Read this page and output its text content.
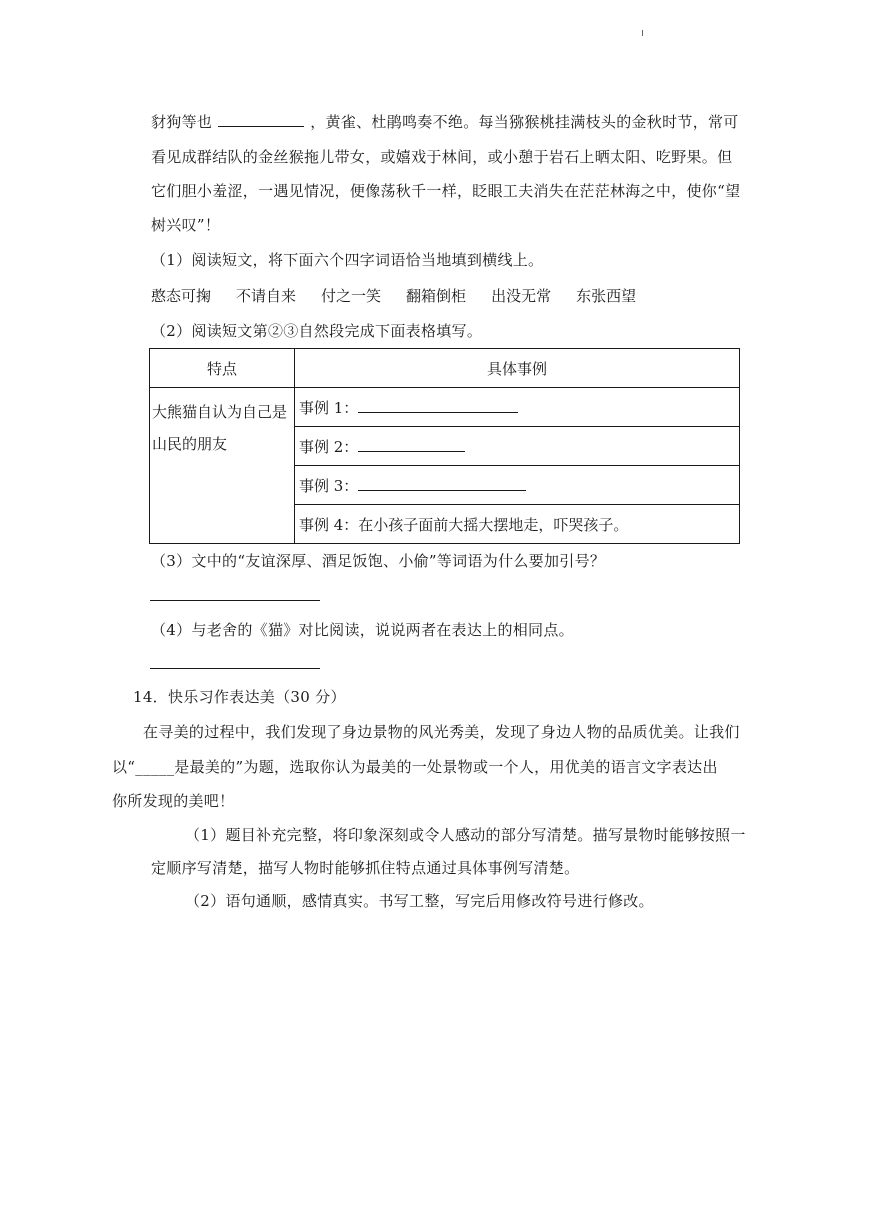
豺狗等也	，黄雀、杜鹃鸣奏不绝。每当猕猴桃挂满枝头的金秋时节，常可
看见成群结队的金丝猴拖儿带女，或嬉戏于林间，或小憩于岩石上晒太阳、吃野果。但
它们胆小羞涩，一遇见情况，便像荡秋千一样，眨眼工夫消失在茫茫林海之中，使你“望
树兴叹”！
（1）阅读短文，将下面六个四字词语恰当地填到横线上。
憨态可掬 不请自来 付之一笑 翻箱倒柜 出没无常 东张西望
（2）阅读短文第②③自然段完成下面表格填写。
特点	具体事例

大熊猫自认为自己是
山民的朋友	事例 1：
	事例 2：
	事例 3：
	事例 4：在小孩子面前大摇大摆地走，吓哭孩子。
（3）文中的“友谊深厚、酒足饭饱、小偷”等词语为什么要加引号？
（4）与老舍的《猫》对比阅读，说说两者在表达上的相同点。
14．快乐习作表达美（30 分）
在寻美的过程中，我们发现了身边景物的风光秀美，发现了身边人物的品质优美。让我们
以“_____是最美的”为题，选取你认为最美的一处景物或一个人，用优美的语言文字表达出
你所发现的美吧！
（1）题目补充完整，将印象深刻或令人感动的部分写清楚。描写景物时能够按照一
定顺序写清楚，描写人物时能够抓住特点通过具体事例写清楚。
（2）语句通顺，感情真实。书写工整，写完后用修改符号进行修改。
